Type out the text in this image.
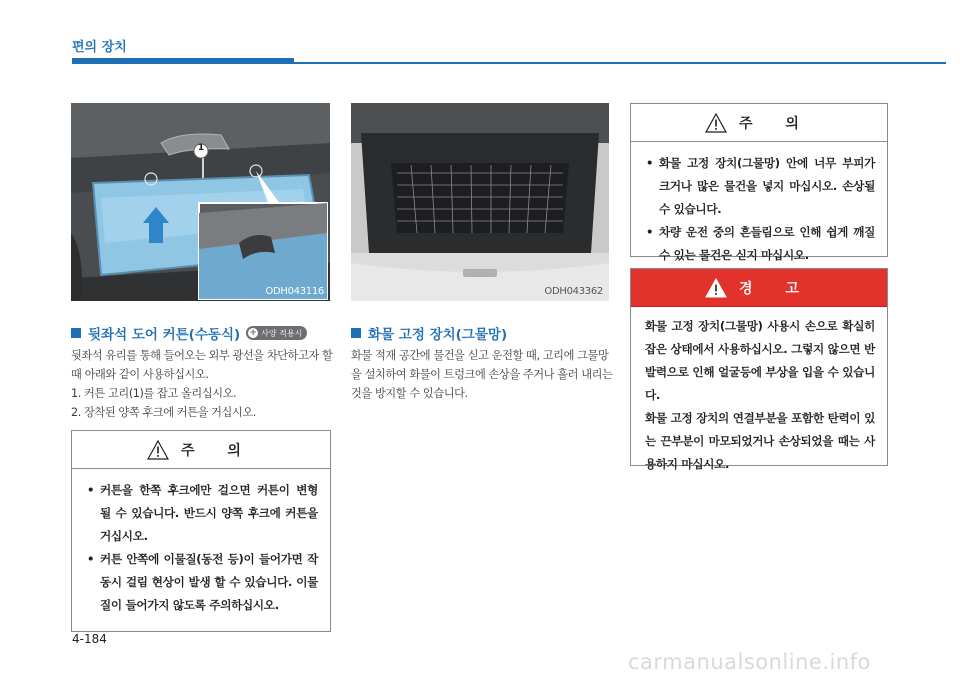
편의 장치
1
ODH043116	ODH043362
뒷좌석 도어 커튼(수동식) + 사양 적용시

뒷좌석 유리를 통해 들어오는 외부 광선을 차단하고자 할 때 아래와 같이 사용하십시오.

1. 커튼 고리(1)를 잡고 올리십시오.

2. 장착된 양쪽 후크에 커튼을 거십시오.

주 의
• 커튼을 한쪽 후크에만 걸으면 커튼이 변형 될 수 있습니다. 반드시 양쪽 후크에 커튼을 거십시오.
• 커튼 안쪽에 이물질(동전 등)이 들어가면 작동시 걸림 현상이 발생 할 수 있습니다. 이물질이 들어가지 않도록 주의하십시오.
화물 고정 장치(그물망)

화물 적재 공간에 물건을 싣고 운전할 때, 고리에 그물망을 설치하여 화물이 트렁크에 손상을 주거나 흘러 내리는 것을 방지할 수 있습니다.

주 의
• 화물 고정 장치(그물망) 안에 너무 부피가 크거나 많은 물건을 넣지 마십시오. 손상될 수 있습니다.
• 차량 운전 중의 흔들림으로 인해 쉽게 깨질 수 있는 물건은 싣지 마십시오.
경 고

화물 고정 장치(그물망) 사용시 손으로 확실히 잡은 상태에서 사용하십시오. 그렇지 않으면 반발력으로 인해 얼굴등에 부상을 입을 수 있습니다.

화물 고정 장치의 연결부분을 포함한 탄력이 있는 끈부분이 마모되었거나 손상되었을 때는 사용하지 마십시오.

4-184
carmanualsonline.info
